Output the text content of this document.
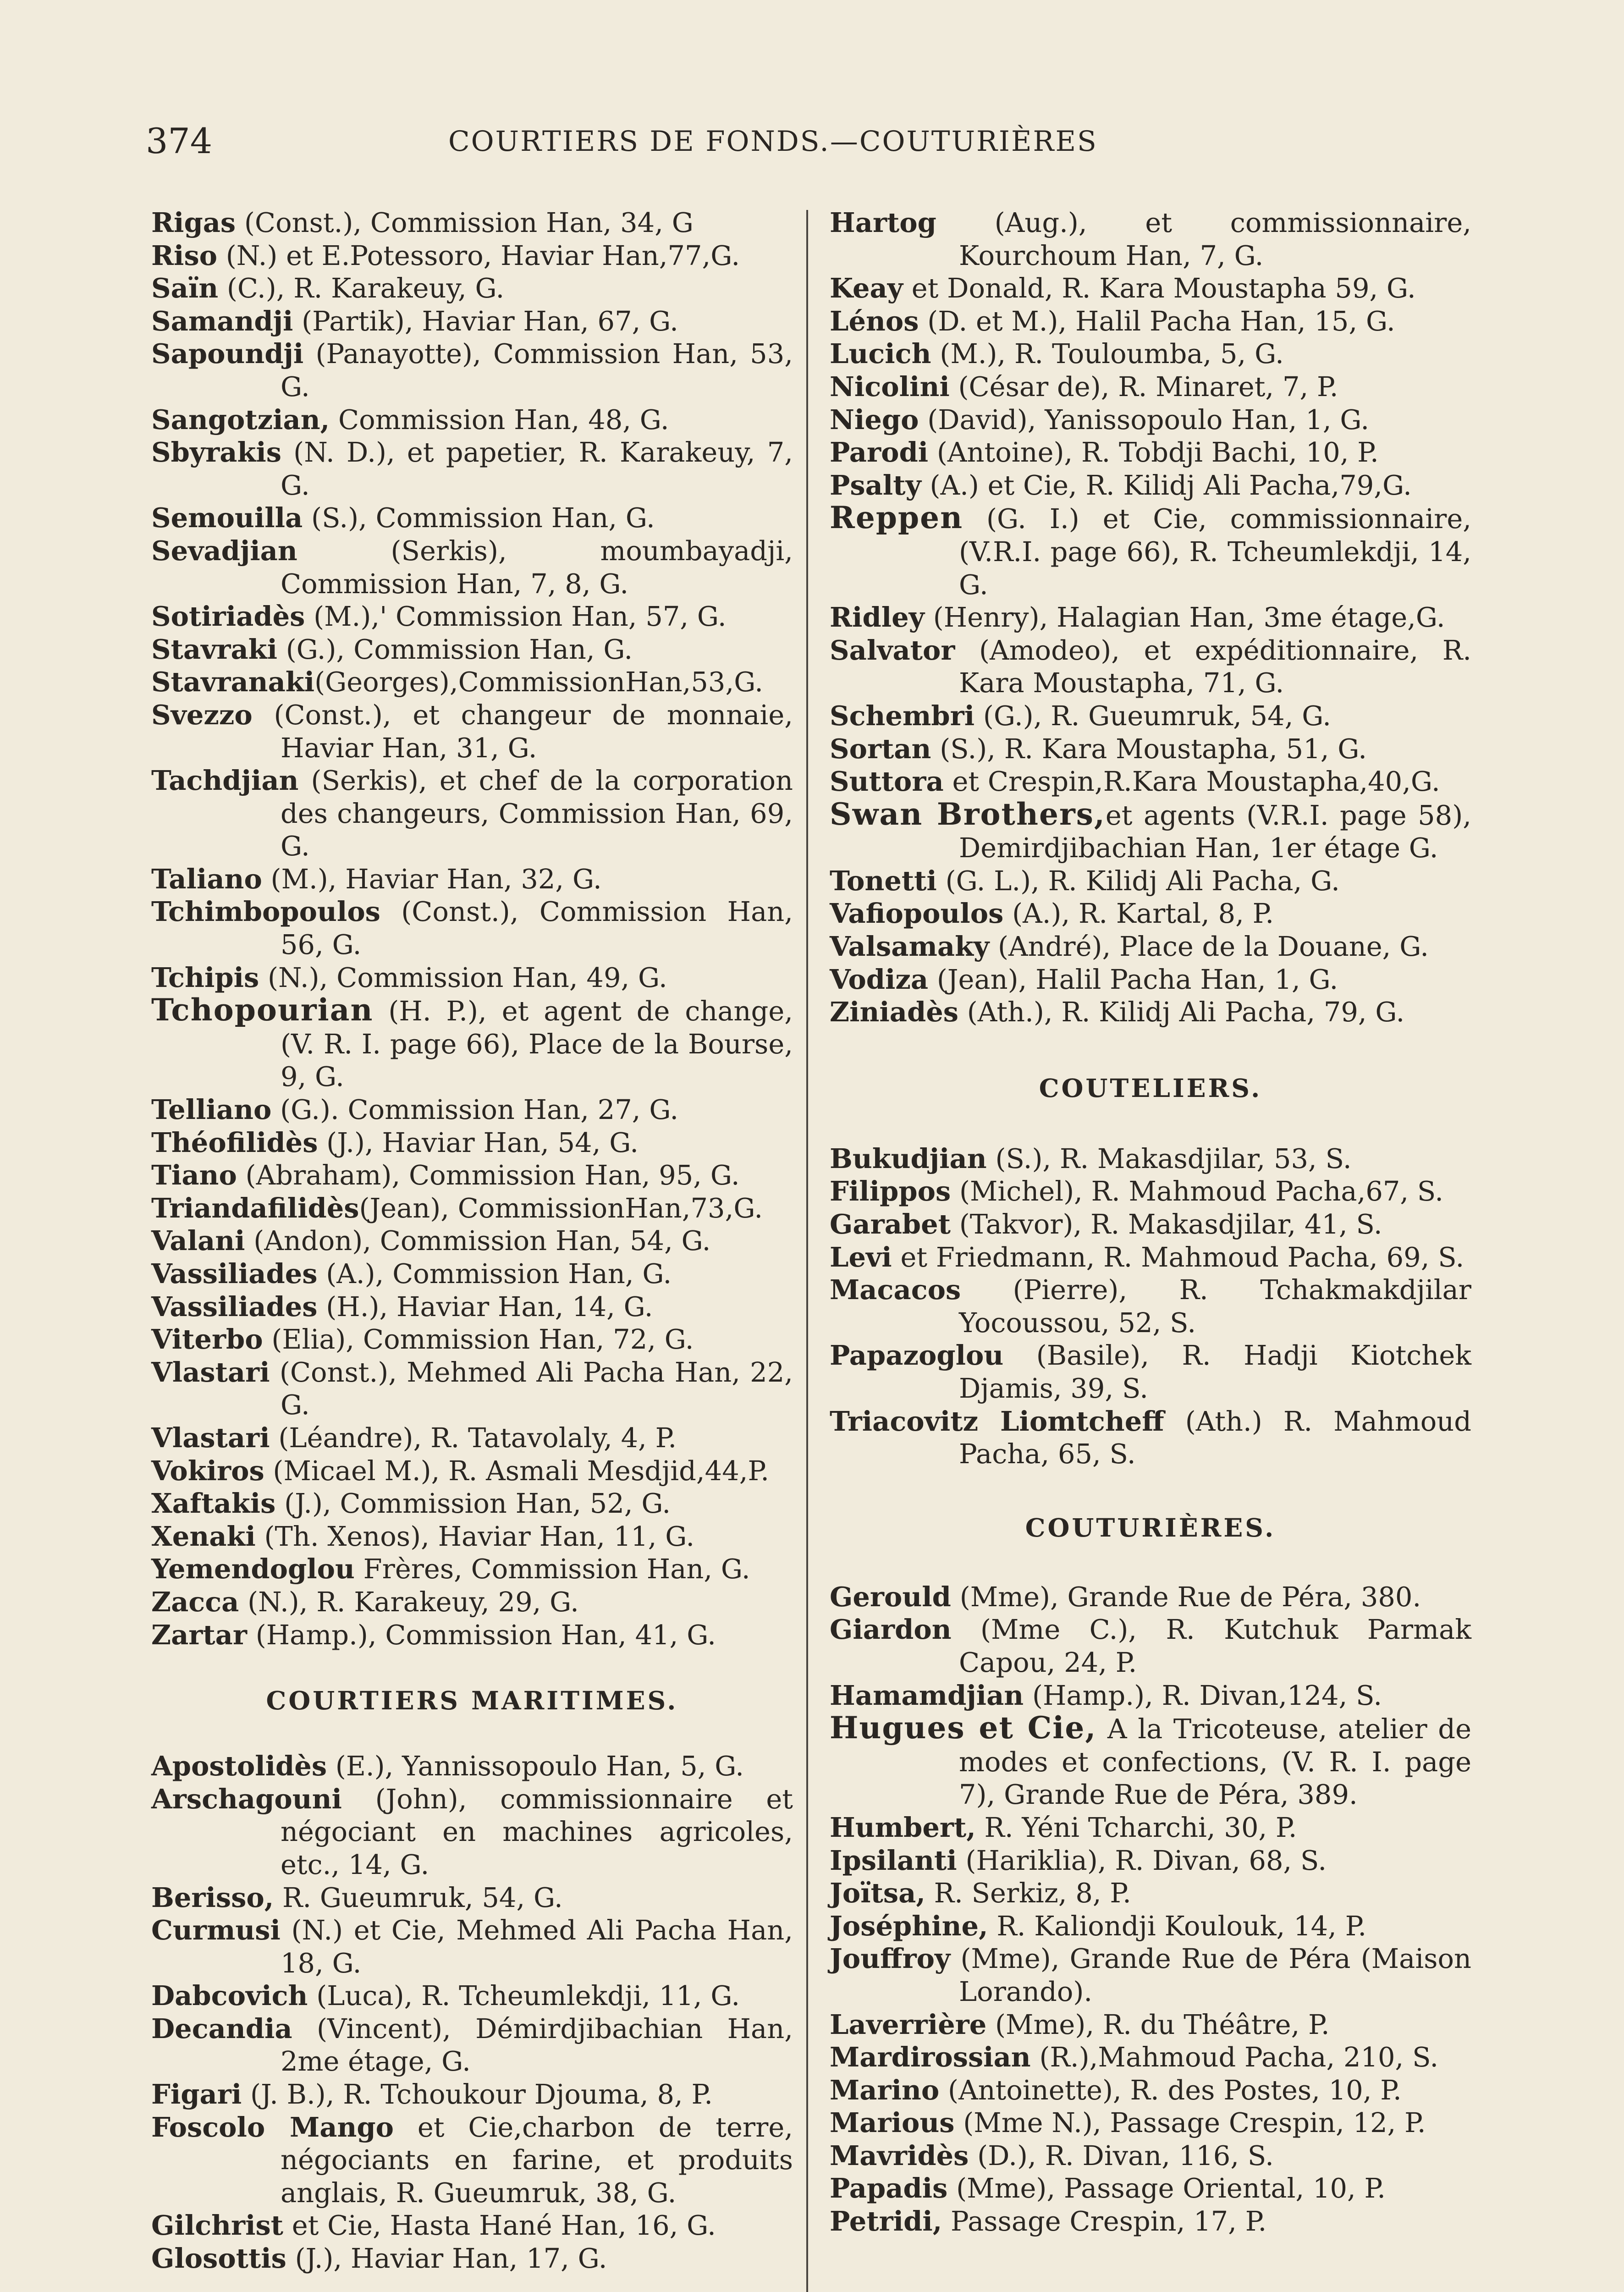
374	COURTIERS DE FONDS.—COUTURIÈRES
Rigas (Const.), Commission Han, 34, G
Riso (N.) et E.Potessoro, Haviar Han,77,G.
Saïn (C.), R. Karakeuy, G.
Samandji (Partik), Haviar Han, 67, G.
Sapoundji (Panayotte), Commission Han, 53, G.
Sangotzian, Commission Han, 48, G.
Sbyrakis (N. D.), et papetier, R. Karakeuy, 7, G.
Semouilla (S.), Commission Han, G.
Sevadjian (Serkis), moumbayadji, Commission Han, 7, 8, G.
Sotiriadès (M.),' Commission Han, 57, G.
Stavraki (G.), Commission Han, G.
Stavranaki(Georges),CommissionHan,53,G.
Svezzo (Const.), et changeur de monnaie, Haviar Han, 31, G.
Tachdjian (Serkis), et chef de la corporation des changeurs, Commission Han, 69, G.
Taliano (M.), Haviar Han, 32, G.
Tchimbopoulos (Const.), Commission Han, 56, G.
Tchipis (N.), Commission Han, 49, G.
Tchopourian (H. P.), et agent de change, (V. R. I. page 66), Place de la Bourse, 9, G.
Telliano (G.). Commission Han, 27, G.
Théofilidès (J.), Haviar Han, 54, G.
Tiano (Abraham), Commission Han, 95, G.
Triandafilidès(Jean), CommissionHan,73,G.
Valani (Andon), Commission Han, 54, G.
Vassiliades (A.), Commission Han, G.
Vassiliades (H.), Haviar Han, 14, G.
Viterbo (Elia), Commission Han, 72, G.
Vlastari (Const.), Mehmed Ali Pacha Han, 22, G.
Vlastari (Léandre), R. Tatavolaly, 4, P.
Vokiros (Micael M.), R. Asmali Mesdjid,44,P.
Xaftakis (J.), Commission Han, 52, G.
Xenaki (Th. Xenos), Haviar Han, 11, G.
Yemendoglou Frères, Commission Han, G.
Zacca (N.), R. Karakeuy, 29, G.
Zartar (Hamp.), Commission Han, 41, G.
COURTIERS MARITIMES.
Apostolidès (E.), Yannissopoulo Han, 5, G.
Arschagouni (John), commissionnaire et négociant en machines agricoles, etc., 14, G.
Berisso, R. Gueumruk, 54, G.
Curmusi (N.) et Cie, Mehmed Ali Pacha Han, 18, G.
Dabcovich (Luca), R. Tcheumlekdji, 11, G.
Decandia (Vincent), Démirdjibachian Han, 2me étage, G.
Figari (J. B.), R. Tchoukour Djouma, 8, P.
Foscolo Mango et Cie,charbon de terre, négociants en farine, et produits anglais, R. Gueumruk, 38, G.
Gilchrist et Cie, Hasta Hané Han, 16, G.
Glosottis (J.), Haviar Han, 17, G.
Hartog (Aug.), et commissionnaire, Kourchoum Han, 7, G.
Keay et Donald, R. Kara Moustapha 59, G.
Lénos (D. et M.), Halil Pacha Han, 15, G.
Lucich (M.), R. Touloumba, 5, G.
Nicolini (César de), R. Minaret, 7, P.
Niego (David), Yanissopoulo Han, 1, G.
Parodi (Antoine), R. Tobdji Bachi, 10, P.
Psalty (A.) et Cie, R. Kilidj Ali Pacha,79,G.
Reppen (G. I.) et Cie, commissionnaire, (V.R.I. page 66), R. Tcheumlekdji, 14, G.
Ridley (Henry), Halagian Han, 3me étage,G.
Salvator (Amodeo), et expéditionnaire, R. Kara Moustapha, 71, G.
Schembri (G.), R. Gueumruk, 54, G.
Sortan (S.), R. Kara Moustapha, 51, G.
Suttora et Crespin,R.Kara Moustapha,40,G.
Swan Brothers,et agents (V.R.I. page 58), Demirdjibachian Han, 1er étage G.
Tonetti (G. L.), R. Kilidj Ali Pacha, G.
Vafiopoulos (A.), R. Kartal, 8, P.
Valsamaky (André), Place de la Douane, G.
Vodiza (Jean), Halil Pacha Han, 1, G.
Ziniadès (Ath.), R. Kilidj Ali Pacha, 79, G.
COUTELIERS.
Bukudjian (S.), R. Makasdjilar, 53, S.
Filippos (Michel), R. Mahmoud Pacha,67, S.
Garabet (Takvor), R. Makasdjilar, 41, S.
Levi et Friedmann, R. Mahmoud Pacha, 69, S.
Macacos (Pierre), R. Tchakmakdjilar Yocoussou, 52, S.
Papazoglou (Basile), R. Hadji Kiotchek Djamis, 39, S.
Triacovitz Liomtcheff (Ath.) R. Mahmoud Pacha, 65, S.
COUTURIÈRES.
Gerould (Mme), Grande Rue de Péra, 380.
Giardon (Mme C.), R. Kutchuk Parmak Capou, 24, P.
Hamamdjian (Hamp.), R. Divan,124, S.
Hugues et Cie, A la Tricoteuse, atelier de modes et confections, (V. R. I. page 7), Grande Rue de Péra, 389.
Humbert, R. Yéni Tcharchi, 30, P.
Ipsilanti (Hariklia), R. Divan, 68, S.
Joïtsa, R. Serkiz, 8, P.
Joséphine, R. Kaliondji Koulouk, 14, P.
Jouffroy (Mme), Grande Rue de Péra (Maison Lorando).
Laverrière (Mme), R. du Théâtre, P.
Mardirossian (R.),Mahmoud Pacha, 210, S.
Marino (Antoinette), R. des Postes, 10, P.
Marious (Mme N.), Passage Crespin, 12, P.
Mavridès (D.), R. Divan, 116, S.
Papadis (Mme), Passage Oriental, 10, P.
Petridi, Passage Crespin, 17, P.
